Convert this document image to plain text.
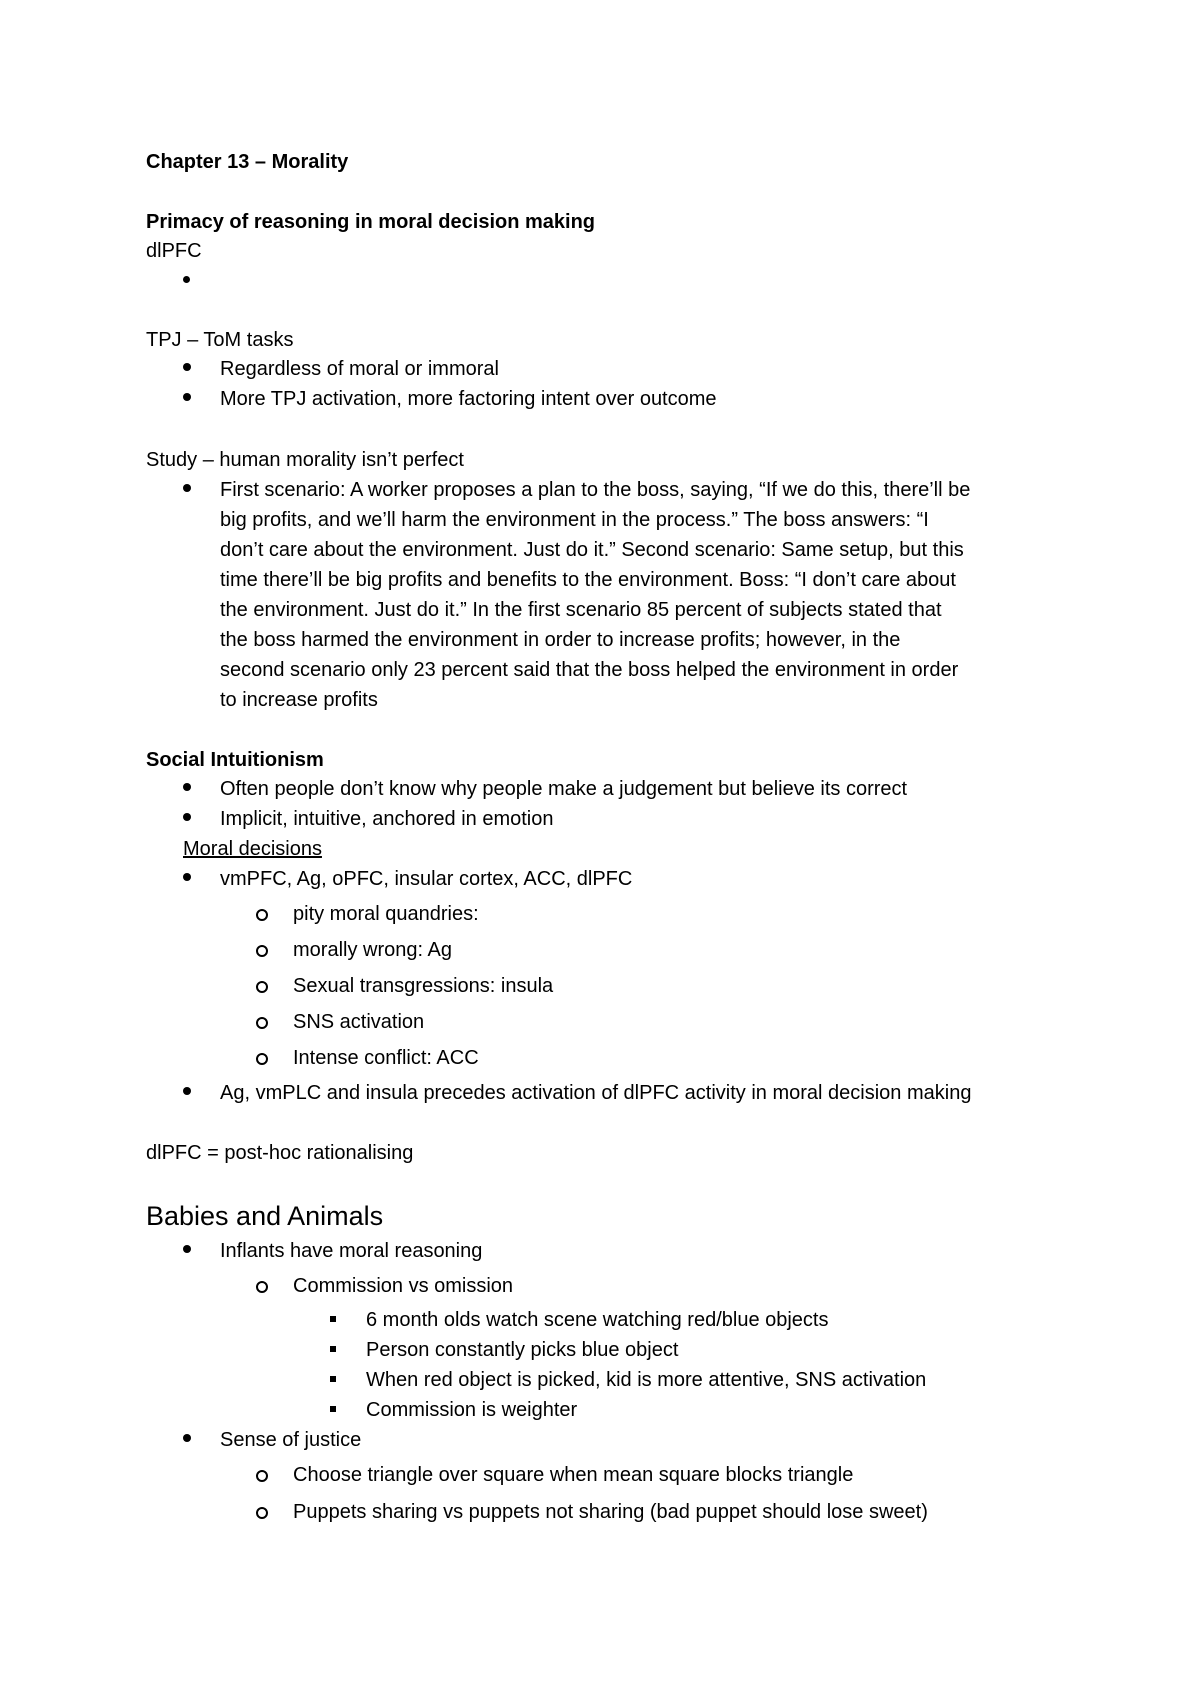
Chapter 13 – Morality
Primacy of reasoning in moral decision making
dlPFC
TPJ – ToM tasks
Regardless of moral or immoral
More TPJ activation, more factoring intent over outcome
Study – human morality isn’t perfect
First scenario: A worker proposes a plan to the boss, saying, “If we do this, there’ll be
big profits, and we’ll harm the environment in the process.” The boss answers: “I
don’t care about the environment. Just do it.” Second scenario: Same setup, but this
time there’ll be big profits and benefits to the environment. Boss: “I don’t care about
the environment. Just do it.” In the first scenario 85 percent of subjects stated that
the boss harmed the environment in order to increase profits; however, in the
second scenario only 23 percent said that the boss helped the environment in order
to increase profits
Social Intuitionism
Often people don’t know why people make a judgement but believe its correct
Implicit, intuitive, anchored in emotion
Moral decisions
vmPFC, Ag, oPFC, insular cortex, ACC, dlPFC
pity moral quandries:
morally wrong: Ag
Sexual transgressions: insula
SNS activation
Intense conflict: ACC
Ag, vmPLC and insula precedes activation of dlPFC activity in moral decision making
dlPFC = post-hoc rationalising
Babies and Animals
Inflants have moral reasoning
Commission vs omission
6 month olds watch scene watching red/blue objects
Person constantly picks blue object
When red object is picked, kid is more attentive, SNS activation
Commission is weighter
Sense of justice
Choose triangle over square when mean square blocks triangle
Puppets sharing vs puppets not sharing (bad puppet should lose sweet)
